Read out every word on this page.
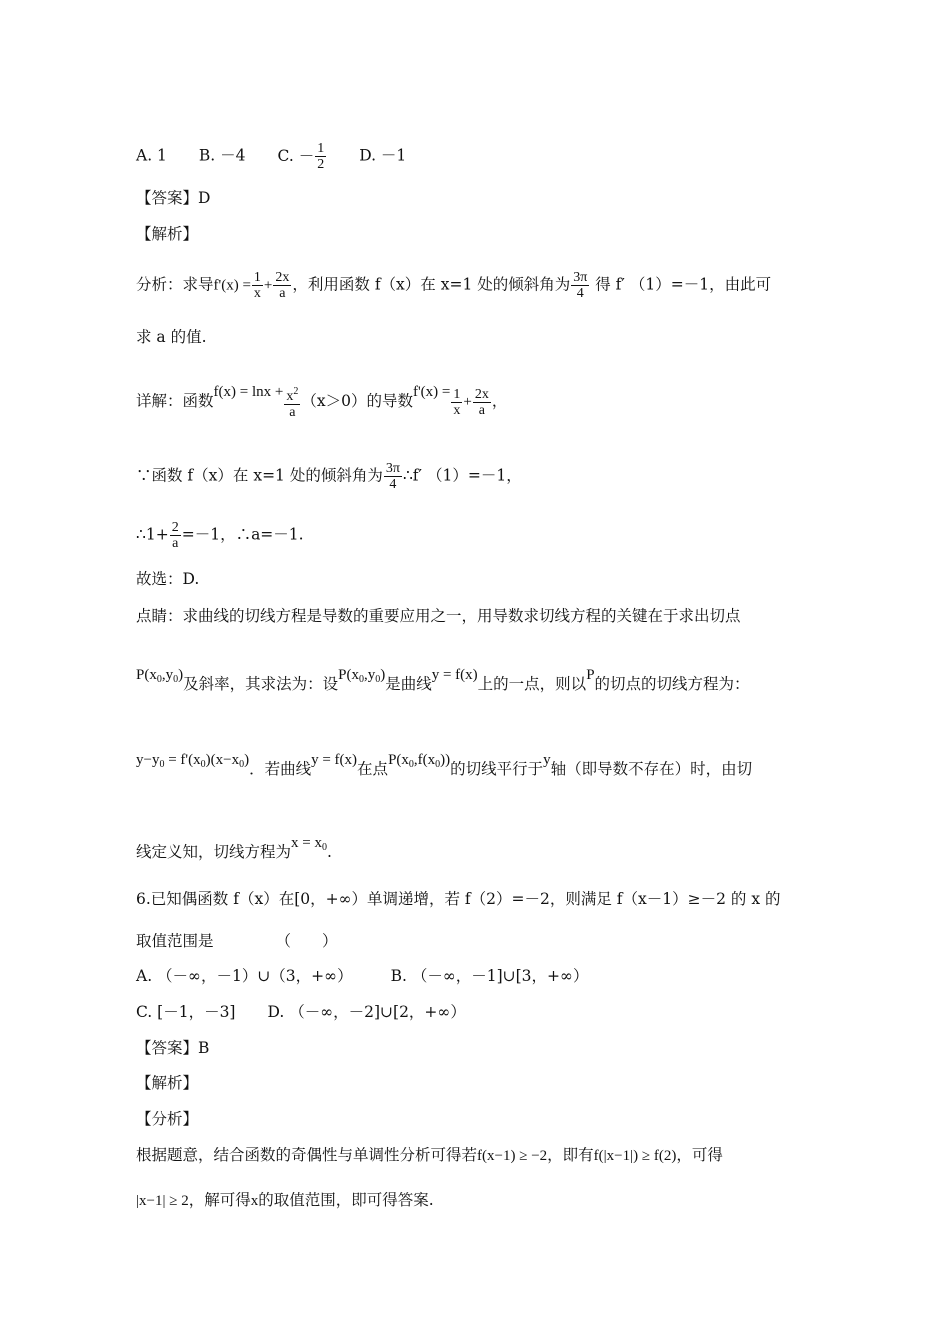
A. 1 B. －4 C. － $\frac{1}{2} D$. －1
【答案】D
【解析】
分析：求导$f'(x) = \frac{1}{x} + \frac{2x}{a}$ ，利用函数 f（x）在 x=1 处的倾斜角为 $\frac{3\pi}{4}$ 得 f′ （1）=－1，由此可
求 a 的值.
详解：函数$f(x) = \ln x + \frac{x^2}{a} (x>0)$的导数$f'(x) = \frac{1}{x} + \frac{2x}{a}$ ，
∵函数 f（x）在 x=1 处的倾斜角为 $\frac{3\pi}{4}$ ∴f′ （1）=－1，
∴1+ $\frac{2}{a} =-1$，∴a=－1.
故选：D.
点睛：求曲线的切线方程是导数的重要应用之一，用导数求切线方程的关键在于求出切点
$P(x_0,y_0)$及斜率，其求法为：设$P(x_0,y_0)$是曲线y = f(x)上的一点，则以P的切点的切线方程为：
$y-y_0 = f'(x_0)(x-x_0)$．若曲线y = f(x)在点$P(x_0,f(x_0))$的切线平行于y轴（即导数不存在）时，由切
线定义知，切线方程为$x = x_0$.
6.已知偶函数 f（x）在[0，+∞）单调递增，若 f（2）=－2，则满足 f（x－1）≥－2 的 x 的
取值范围是	（　　）
A. （－∞，－1）∪（3，+∞） B. （－∞，－1]∪[3，+∞）
C. [－1，－3] D. （－∞，－2]∪[2，+∞）
【答案】B
【解析】
【分析】
根据题意，结合函数的奇偶性与单调性分析可得若f(x−1) ≥ −2，即有f(|x−1|) ≥ f(2)，可得
|x−1| ≥ 2，解可得x的取值范围，即可得答案.
